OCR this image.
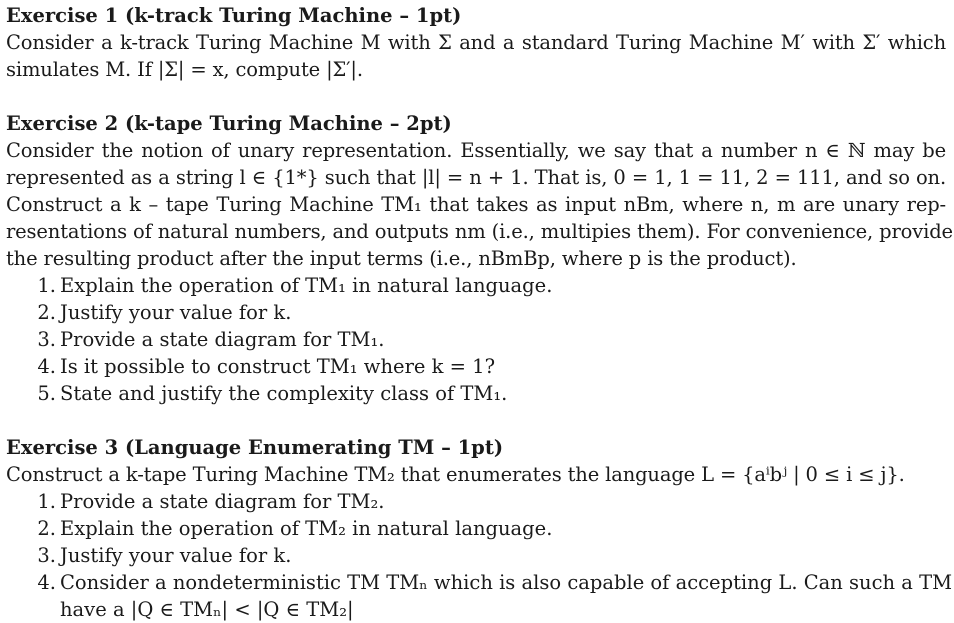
Exercise 1 (k-track Turing Machine – 1pt)
Consider a k-track Turing Machine M with Σ and a standard Turing Machine M′ with Σ′ which
simulates M. If |Σ| = x, compute |Σ′|.
Exercise 2 (k-tape Turing Machine – 2pt)
Consider the notion of unary representation. Essentially, we say that a number n ∈ ℕ may be
represented as a string l ∈ {1*} such that |l| = n + 1. That is, 0 = 1, 1 = 11, 2 = 111, and so on.
Construct a k – tape Turing Machine TM₁ that takes as input nBm, where n, m are unary rep-
resentations of natural numbers, and outputs nm (i.e., multipies them). For convenience, provide
the resulting product after the input terms (i.e., nBmBp, where p is the product).
1. Explain the operation of TM₁ in natural language.
2. Justify your value for k.
3. Provide a state diagram for TM₁.
4. Is it possible to construct TM₁ where k = 1?
5. State and justify the complexity class of TM₁.
Exercise 3 (Language Enumerating TM – 1pt)
Construct a k-tape Turing Machine TM₂ that enumerates the language L = {aⁱbʲ | 0 ≤ i ≤ j}.
1. Provide a state diagram for TM₂.
2. Explain the operation of TM₂ in natural language.
3. Justify your value for k.
4. Consider a nondeterministic TM TMₙ which is also capable of accepting L. Can such a TM
have a |Q ∈ TMₙ| < |Q ∈ TM₂|
